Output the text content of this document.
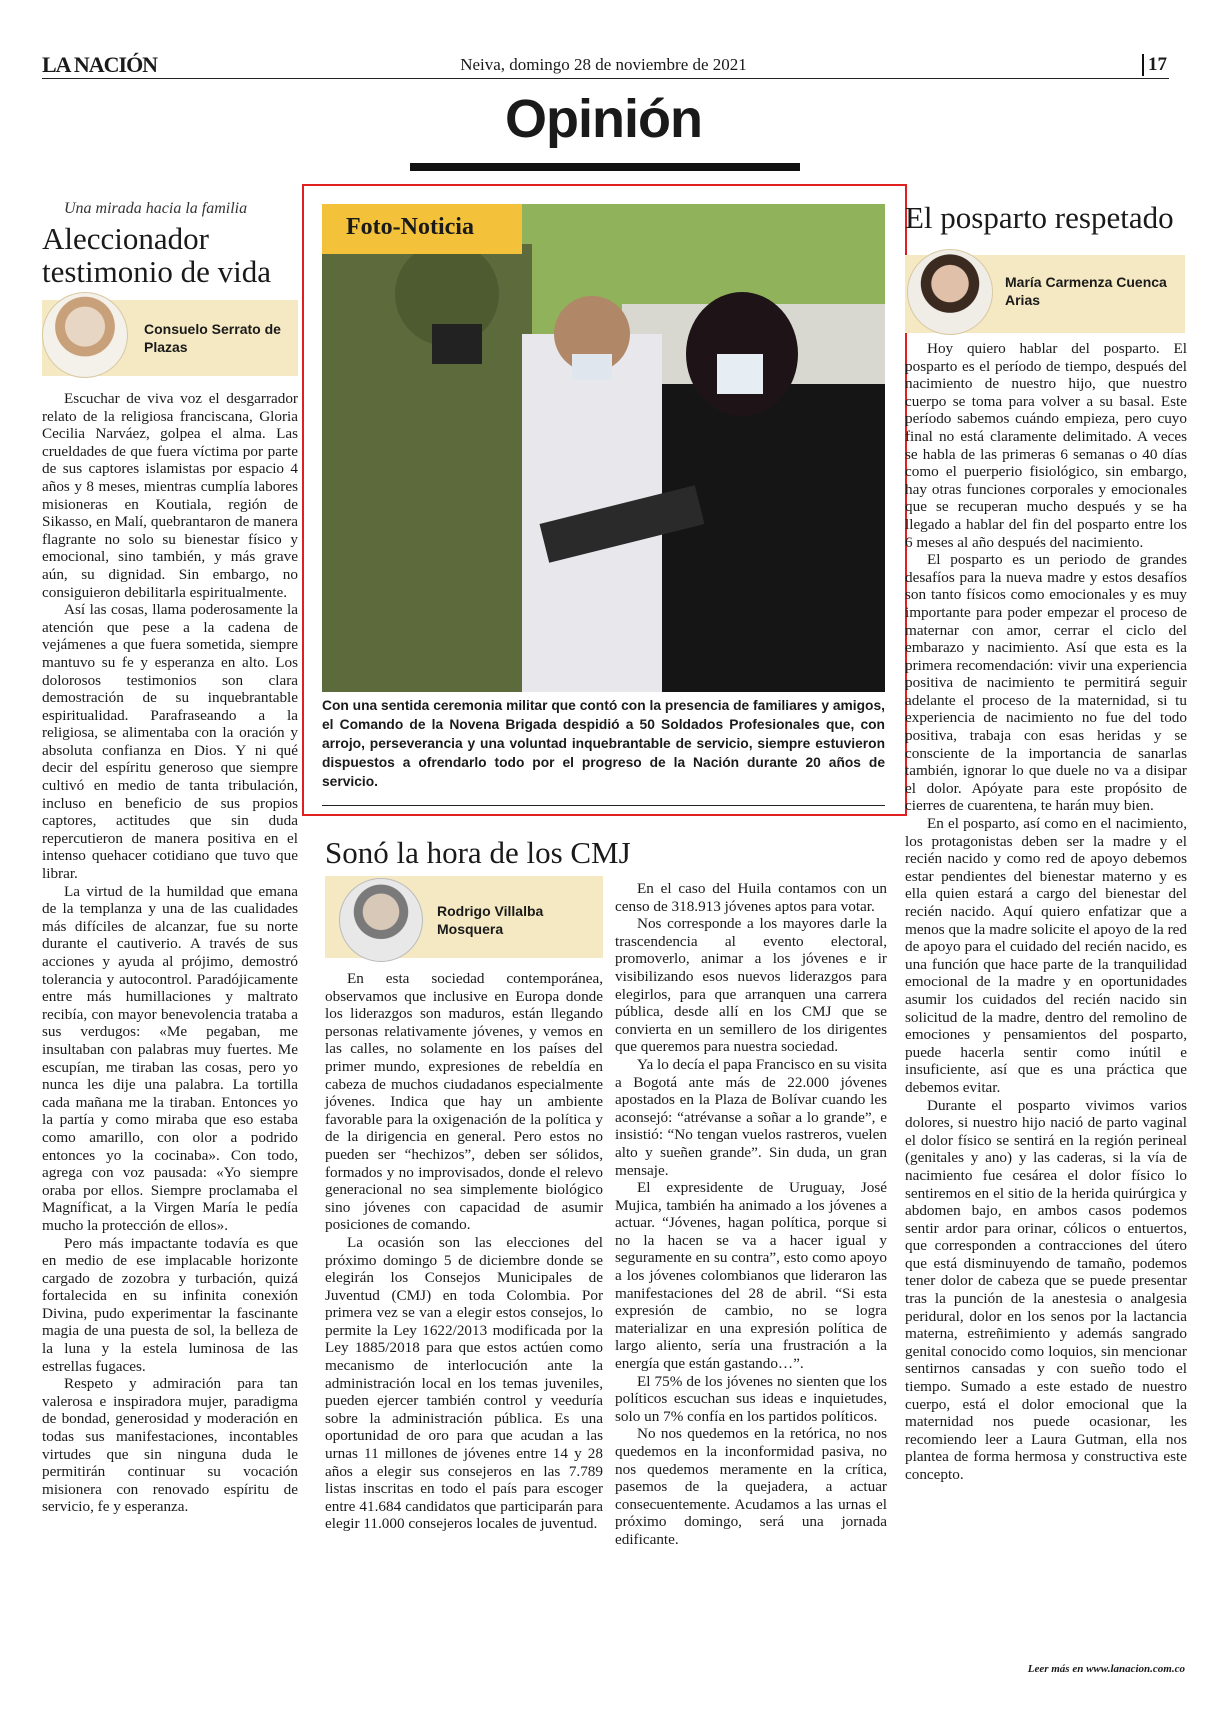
LA NACIÓN	Neiva, domingo 28 de noviembre de 2021	17
Opinión
Una mirada hacia la familia
Aleccionador testimonio de vida
Consuelo Serrato de Plazas

Escuchar de viva voz el desgarrador relato de la religiosa franciscana, Gloria Cecilia Narváez, golpea el alma. Las crueldades de que fuera víctima por parte de sus captores islamistas por espacio 4 años y 8 meses, mientras cumplía labores misioneras en Koutiala, región de Sikasso, en Malí, quebrantaron de manera flagrante no solo su bienestar físico y emocional, sino también, y más grave aún, su dignidad. Sin embargo, no consiguieron debilitarla espiritualmente.

Así las cosas, llama poderosamente la atención que pese a la cadena de vejámenes a que fuera sometida, siempre mantuvo su fe y esperanza en alto. Los dolorosos testimonios son clara demostración de su inquebrantable espiritualidad. Parafraseando a la religiosa, se alimentaba con la oración y absoluta confianza en Dios. Y ni qué decir del espíritu generoso que siempre cultivó en medio de tanta tribulación, incluso en beneficio de sus propios captores, actitudes que sin duda repercutieron de manera positiva en el intenso quehacer cotidiano que tuvo que librar.

La virtud de la humildad que emana de la templanza y una de las cualidades más difíciles de alcanzar, fue su norte durante el cautiverio. A través de sus acciones y ayuda al prójimo, demostró tolerancia y autocontrol. Paradójicamente entre más humillaciones y maltrato recibía, con mayor benevolencia trataba a sus verdugos: «Me pegaban, me insultaban con palabras muy fuertes. Me escupían, me tiraban las cosas, pero yo nunca les dije una palabra. La tortilla cada mañana me la tiraban. Entonces yo la partía y como miraba que eso estaba como amarillo, con olor a podrido entonces yo la cocinaba». Con todo, agrega con voz pausada: «Yo siempre oraba por ellos. Siempre proclamaba el Magníficat, a la Virgen María le pedía mucho la protección de ellos».

Pero más impactante todavía es que en medio de ese implacable horizonte cargado de zozobra y turbación, quizá fortalecida en su infinita conexión Divina, pudo experimentar la fascinante magia de una puesta de sol, la belleza de la luna y la estela luminosa de las estrellas fugaces.

Respeto y admiración para tan valerosa e inspiradora mujer, paradigma de bondad, generosidad y moderación en todas sus manifestaciones, incontables virtudes que sin ninguna duda le permitirán continuar su vocación misionera con renovado espíritu de servicio, fe y esperanza.

Foto-Noticia
Con una sentida ceremonia militar que contó con la presencia de familiares y amigos, el Comando de la Novena Brigada despidió a 50 Soldados Profesionales que, con arrojo, perseverancia y una voluntad inquebrantable de servicio, siempre estuvieron dispuestos a ofrendarlo todo por el progreso de la Nación durante 20 años de servicio.
Sonó la hora de los CMJ
Rodrigo Villalba Mosquera

En esta sociedad contemporánea, observamos que inclusive en Europa donde los liderazgos son maduros, están llegando personas relativamente jóvenes, y vemos en las calles, no solamente en los países del primer mundo, expresiones de rebeldía en cabeza de muchos ciudadanos especialmente jóvenes. Indica que hay un ambiente favorable para la oxigenación de la política y de la dirigencia en general. Pero estos no pueden ser “hechizos”, deben ser sólidos, formados y no improvisados, donde el relevo generacional no sea simplemente biológico sino jóvenes con capacidad de asumir posiciones de comando.

La ocasión son las elecciones del próximo domingo 5 de diciembre donde se elegirán los Consejos Municipales de Juventud (CMJ) en toda Colombia. Por primera vez se van a elegir estos consejos, lo permite la Ley 1622/2013 modificada por la Ley 1885/2018 para que estos actúen como mecanismo de interlocución ante la administración local en los temas juveniles, pueden ejercer también control y veeduría sobre la administración pública. Es una oportunidad de oro para que acudan a las urnas 11 millones de jóvenes entre 14 y 28 años a elegir sus consejeros en las 7.789 listas inscritas en todo el país para escoger entre 41.684 candidatos que participarán para elegir 11.000 consejeros locales de juventud.

En el caso del Huila contamos con un censo de 318.913 jóvenes aptos para votar.

Nos corresponde a los mayores darle la trascendencia al evento electoral, promoverlo, animar a los jóvenes e ir visibilizando esos nuevos liderazgos para elegirlos, para que arranquen una carrera pública, desde allí en los CMJ que se convierta en un semillero de los dirigentes que queremos para nuestra sociedad.

Ya lo decía el papa Francisco en su visita a Bogotá ante más de 22.000 jóvenes apostados en la Plaza de Bolívar cuando les aconsejó: “atrévanse a soñar a lo grande”, e insistió: “No tengan vuelos rastreros, vuelen alto y sueñen grande”. Sin duda, un gran mensaje.

El expresidente de Uruguay, José Mujica, también ha animado a los jóvenes a actuar. “Jóvenes, hagan política, porque si no la hacen se va a hacer igual y seguramente en su contra”, esto como apoyo a los jóvenes colombianos que lideraron las manifestaciones del 28 de abril. “Si esta expresión de cambio, no se logra materializar en una expresión política de largo aliento, sería una frustración a la energía que están gastando…”.

El 75% de los jóvenes no sienten que los políticos escuchan sus ideas e inquietudes, solo un 7% confía en los partidos políticos.

No nos quedemos en la retórica, no nos quedemos en la inconformidad pasiva, no nos quedemos meramente en la crítica, pasemos de la quejadera, a actuar consecuentemente. Acudamos a las urnas el próximo domingo, será una jornada edificante.

El posparto respetado
María Carmenza Cuenca Arias

Hoy quiero hablar del posparto. El posparto es el período de tiempo, después del nacimiento de nuestro hijo, que nuestro cuerpo se toma para volver a su basal. Este período sabemos cuándo empieza, pero cuyo final no está claramente delimitado. A veces se habla de las primeras 6 semanas o 40 días como el puerperio fisiológico, sin embargo, hay otras funciones corporales y emocionales que se recuperan mucho después y se ha llegado a hablar del fin del posparto entre los 6 meses al año después del nacimiento.

El posparto es un periodo de grandes desafíos para la nueva madre y estos desafíos son tanto físicos como emocionales y es muy importante para poder empezar el proceso de maternar con amor, cerrar el ciclo del embarazo y nacimiento. Así que esta es la primera recomendación: vivir una experiencia positiva de nacimiento te permitirá seguir adelante el proceso de la maternidad, si tu experiencia de nacimiento no fue del todo positiva, trabaja con esas heridas y se consciente de la importancia de sanarlas también, ignorar lo que duele no va a disipar el dolor. Apóyate para este propósito de cierres de cuarentena, te harán muy bien.

En el posparto, así como en el nacimiento, los protagonistas deben ser la madre y el recién nacido y como red de apoyo debemos estar pendientes del bienestar materno y es ella quien estará a cargo del bienestar del recién nacido. Aquí quiero enfatizar que a menos que la madre solicite el apoyo de la red de apoyo para el cuidado del recién nacido, es una función que hace parte de la tranquilidad emocional de la madre y en oportunidades asumir los cuidados del recién nacido sin solicitud de la madre, dentro del remolino de emociones y pensamientos del posparto, puede hacerla sentir como inútil e insuficiente, así que es una práctica que debemos evitar.

Durante el posparto vivimos varios dolores, si nuestro hijo nació de parto vaginal el dolor físico se sentirá en la región perineal (genitales y ano) y las caderas, si la vía de nacimiento fue cesárea el dolor físico lo sentiremos en el sitio de la herida quirúrgica y abdomen bajo, en ambos casos podemos sentir ardor para orinar, cólicos o entuertos, que corresponden a contracciones del útero que está disminuyendo de tamaño, podemos tener dolor de cabeza que se puede presentar tras la punción de la anestesia o analgesia peridural, dolor en los senos por la lactancia materna, estreñimiento y además sangrado genital conocido como loquios, sin mencionar sentirnos cansadas y con sueño todo el tiempo. Sumado a este estado de nuestro cuerpo, está el dolor emocional que la maternidad nos puede ocasionar, les recomiendo leer a Laura Gutman, ella nos plantea de forma hermosa y constructiva este concepto.

Leer más en www.lanacion.com.co
